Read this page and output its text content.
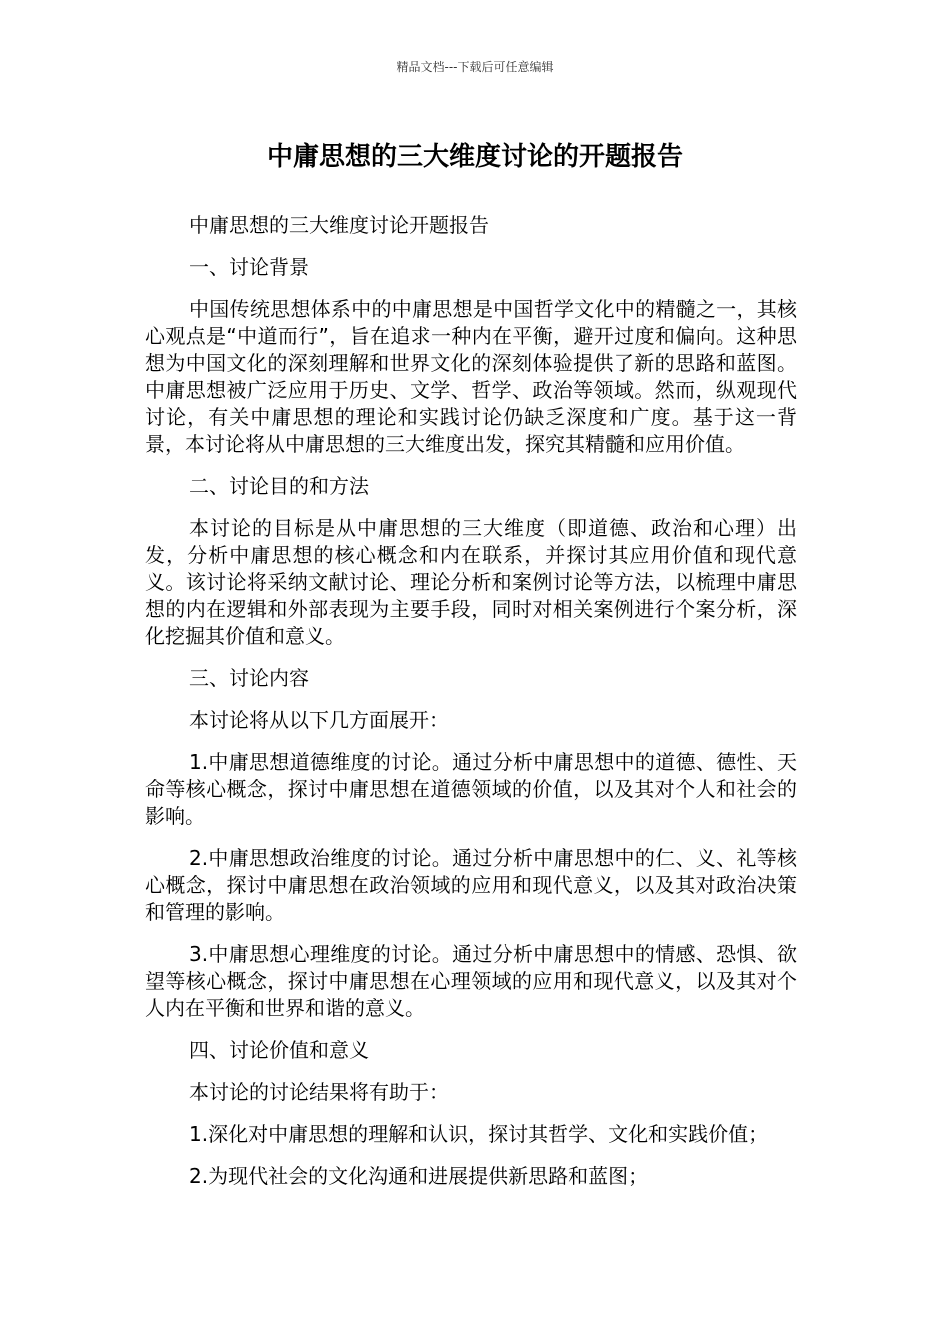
精品文档---下载后可任意编辑
中庸思想的三大维度讨论的开题报告

中庸思想的三大维度讨论开题报告

一、讨论背景

中国传统思想体系中的中庸思想是中国哲学文化中的精髓之一，其核心观点是“中道而行”，旨在追求一种内在平衡，避开过度和偏向。这种思想为中国文化的深刻理解和世界文化的深刻体验提供了新的思路和蓝图。中庸思想被广泛应用于历史、文学、哲学、政治等领域。然而，纵观现代讨论，有关中庸思想的理论和实践讨论仍缺乏深度和广度。基于这一背景，本讨论将从中庸思想的三大维度出发，探究其精髓和应用价值。

二、讨论目的和方法

本讨论的目标是从中庸思想的三大维度（即道德、政治和心理）出发，分析中庸思想的核心概念和内在联系，并探讨其应用价值和现代意义。该讨论将采纳文献讨论、理论分析和案例讨论等方法，以梳理中庸思想的内在逻辑和外部表现为主要手段，同时对相关案例进行个案分析，深化挖掘其价值和意义。

三、讨论内容

本讨论将从以下几方面展开：

1.中庸思想道德维度的讨论。通过分析中庸思想中的道德、德性、天命等核心概念，探讨中庸思想在道德领域的价值，以及其对个人和社会的影响。

2.中庸思想政治维度的讨论。通过分析中庸思想中的仁、义、礼等核心概念，探讨中庸思想在政治领域的应用和现代意义，以及其对政治决策和管理的影响。

3.中庸思想心理维度的讨论。通过分析中庸思想中的情感、恐惧、欲望等核心概念，探讨中庸思想在心理领域的应用和现代意义，以及其对个人内在平衡和世界和谐的意义。

四、讨论价值和意义

本讨论的讨论结果将有助于：

1.深化对中庸思想的理解和认识，探讨其哲学、文化和实践价值；

2.为现代社会的文化沟通和进展提供新思路和蓝图；
